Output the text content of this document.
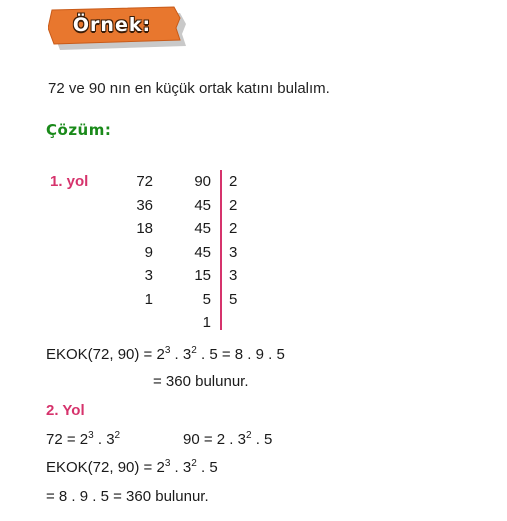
Örnek:
72 ve 90 nın en küçük ortak katını bulalım.
Çözüm:
1. yol	72	90 2
36	45 2
18	45 2
9	45 3
3	15 3
1	5 5
1
EKOK(72, $90) = 2^3$ . $3^2$ . 5 = 8 . 9 . 5
= 360 bulunur.
2. Yol
$72 = 2^3$ . $3^2$	90 = 2 . $3^2$ . 5
EKOK(72, $90) = 2^3$ . $3^2$ . 5
= 8 . 9 . 5 = 360 bulunur.
